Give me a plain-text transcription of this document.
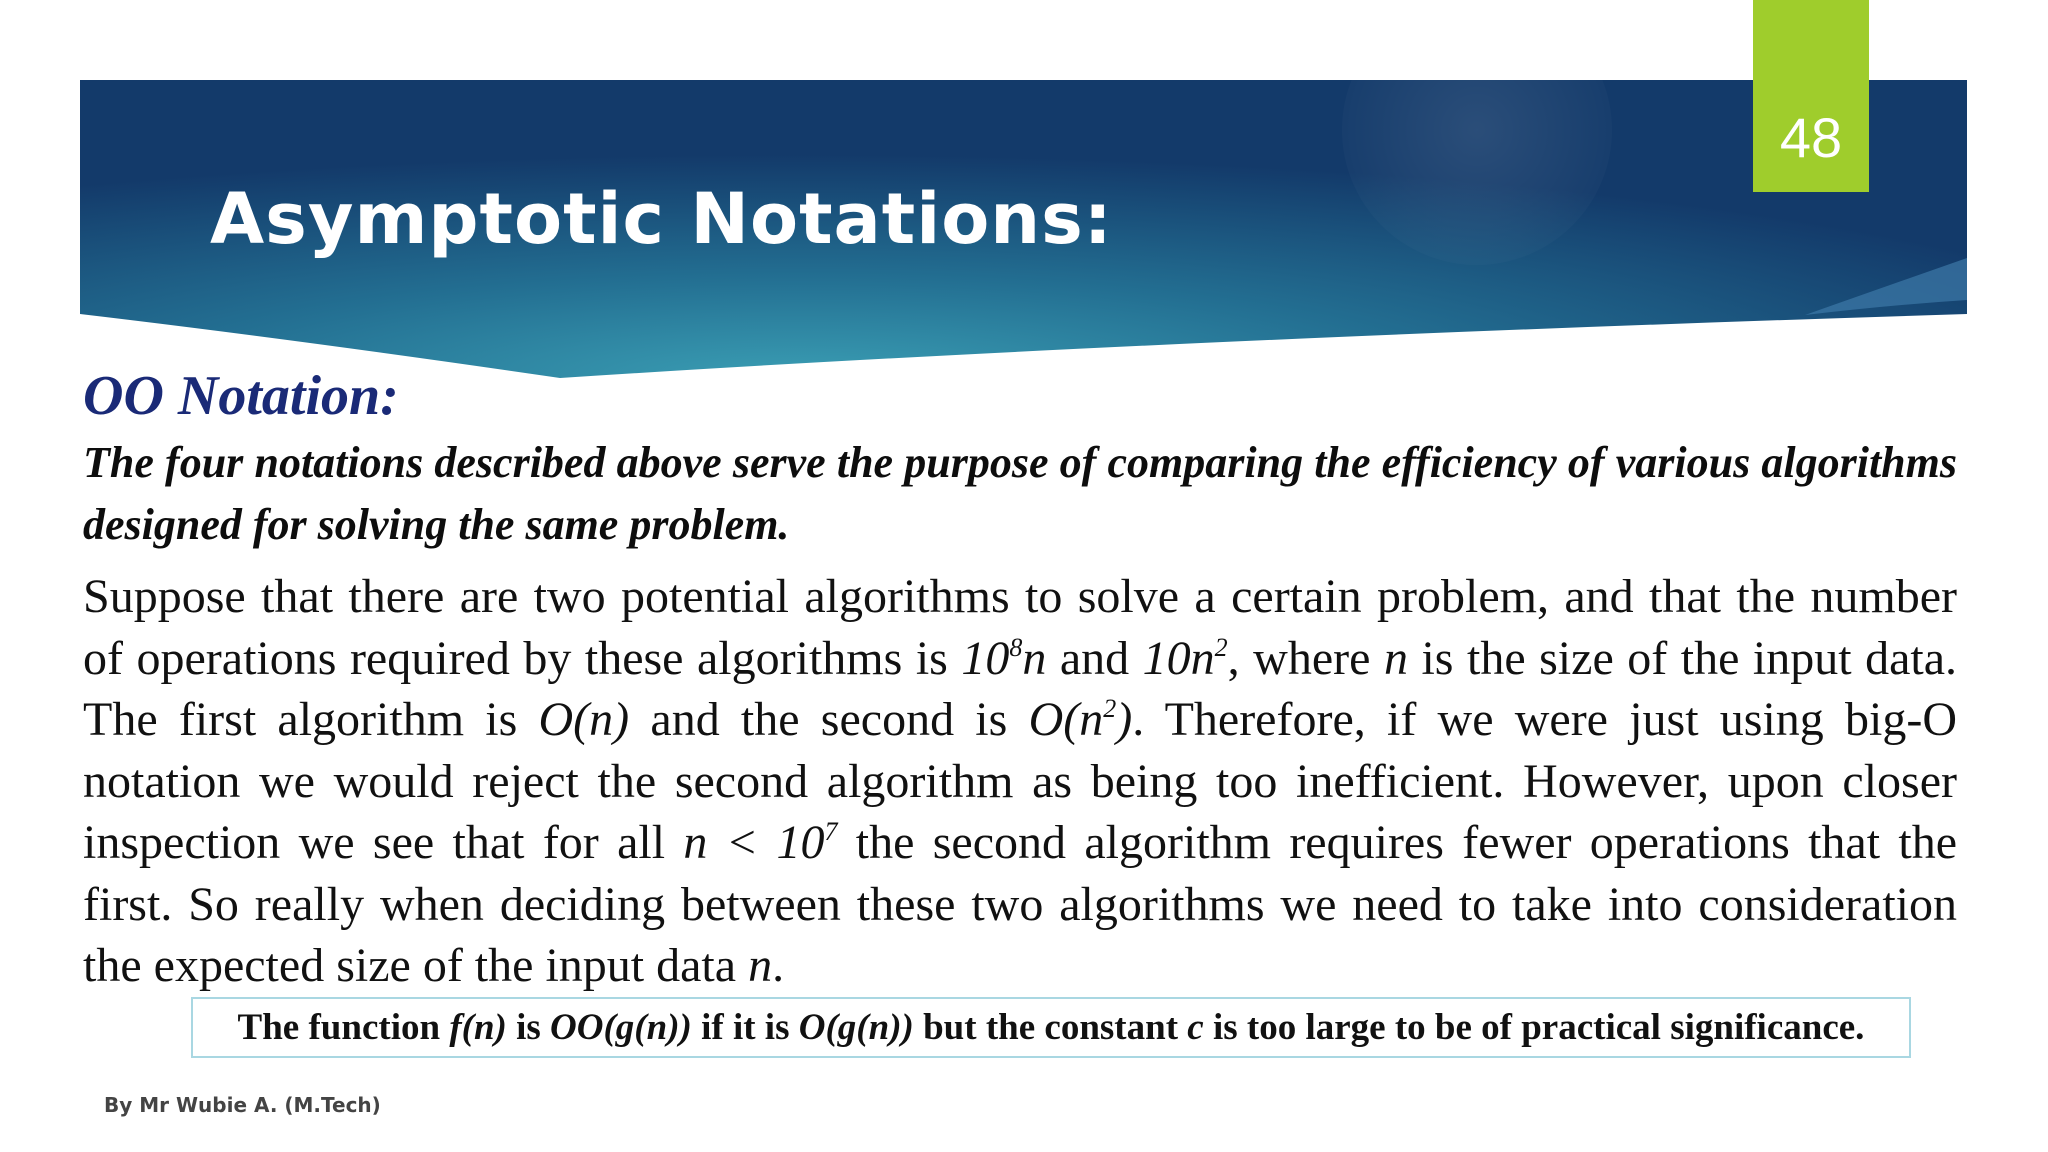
Asymptotic Notations:
48
OO Notation:

The four notations described above serve the purpose of comparing the efficiency of various algorithms designed for solving the same problem.

Suppose that there are two potential algorithms to solve a certain problem, and that the number of operations required by these algorithms is $10^8n$ and $10n^2$, where n is the size of the input data. The first algorithm is O(n) and the second is $O(n^2)$. Therefore, if we were just using big-O notation we would reject the second algorithm as being too inefficient. However, upon closer inspection we see that for all $n < 10^7$ the second algorithm requires fewer operations that the first. So really when deciding between these two algorithms we need to take into consideration the expected size of the input data n.

The function f(n) is OO(g(n)) if it is O(g(n)) but the constant c is too large to be of practical significance.

By Mr Wubie A. (M.Tech)
